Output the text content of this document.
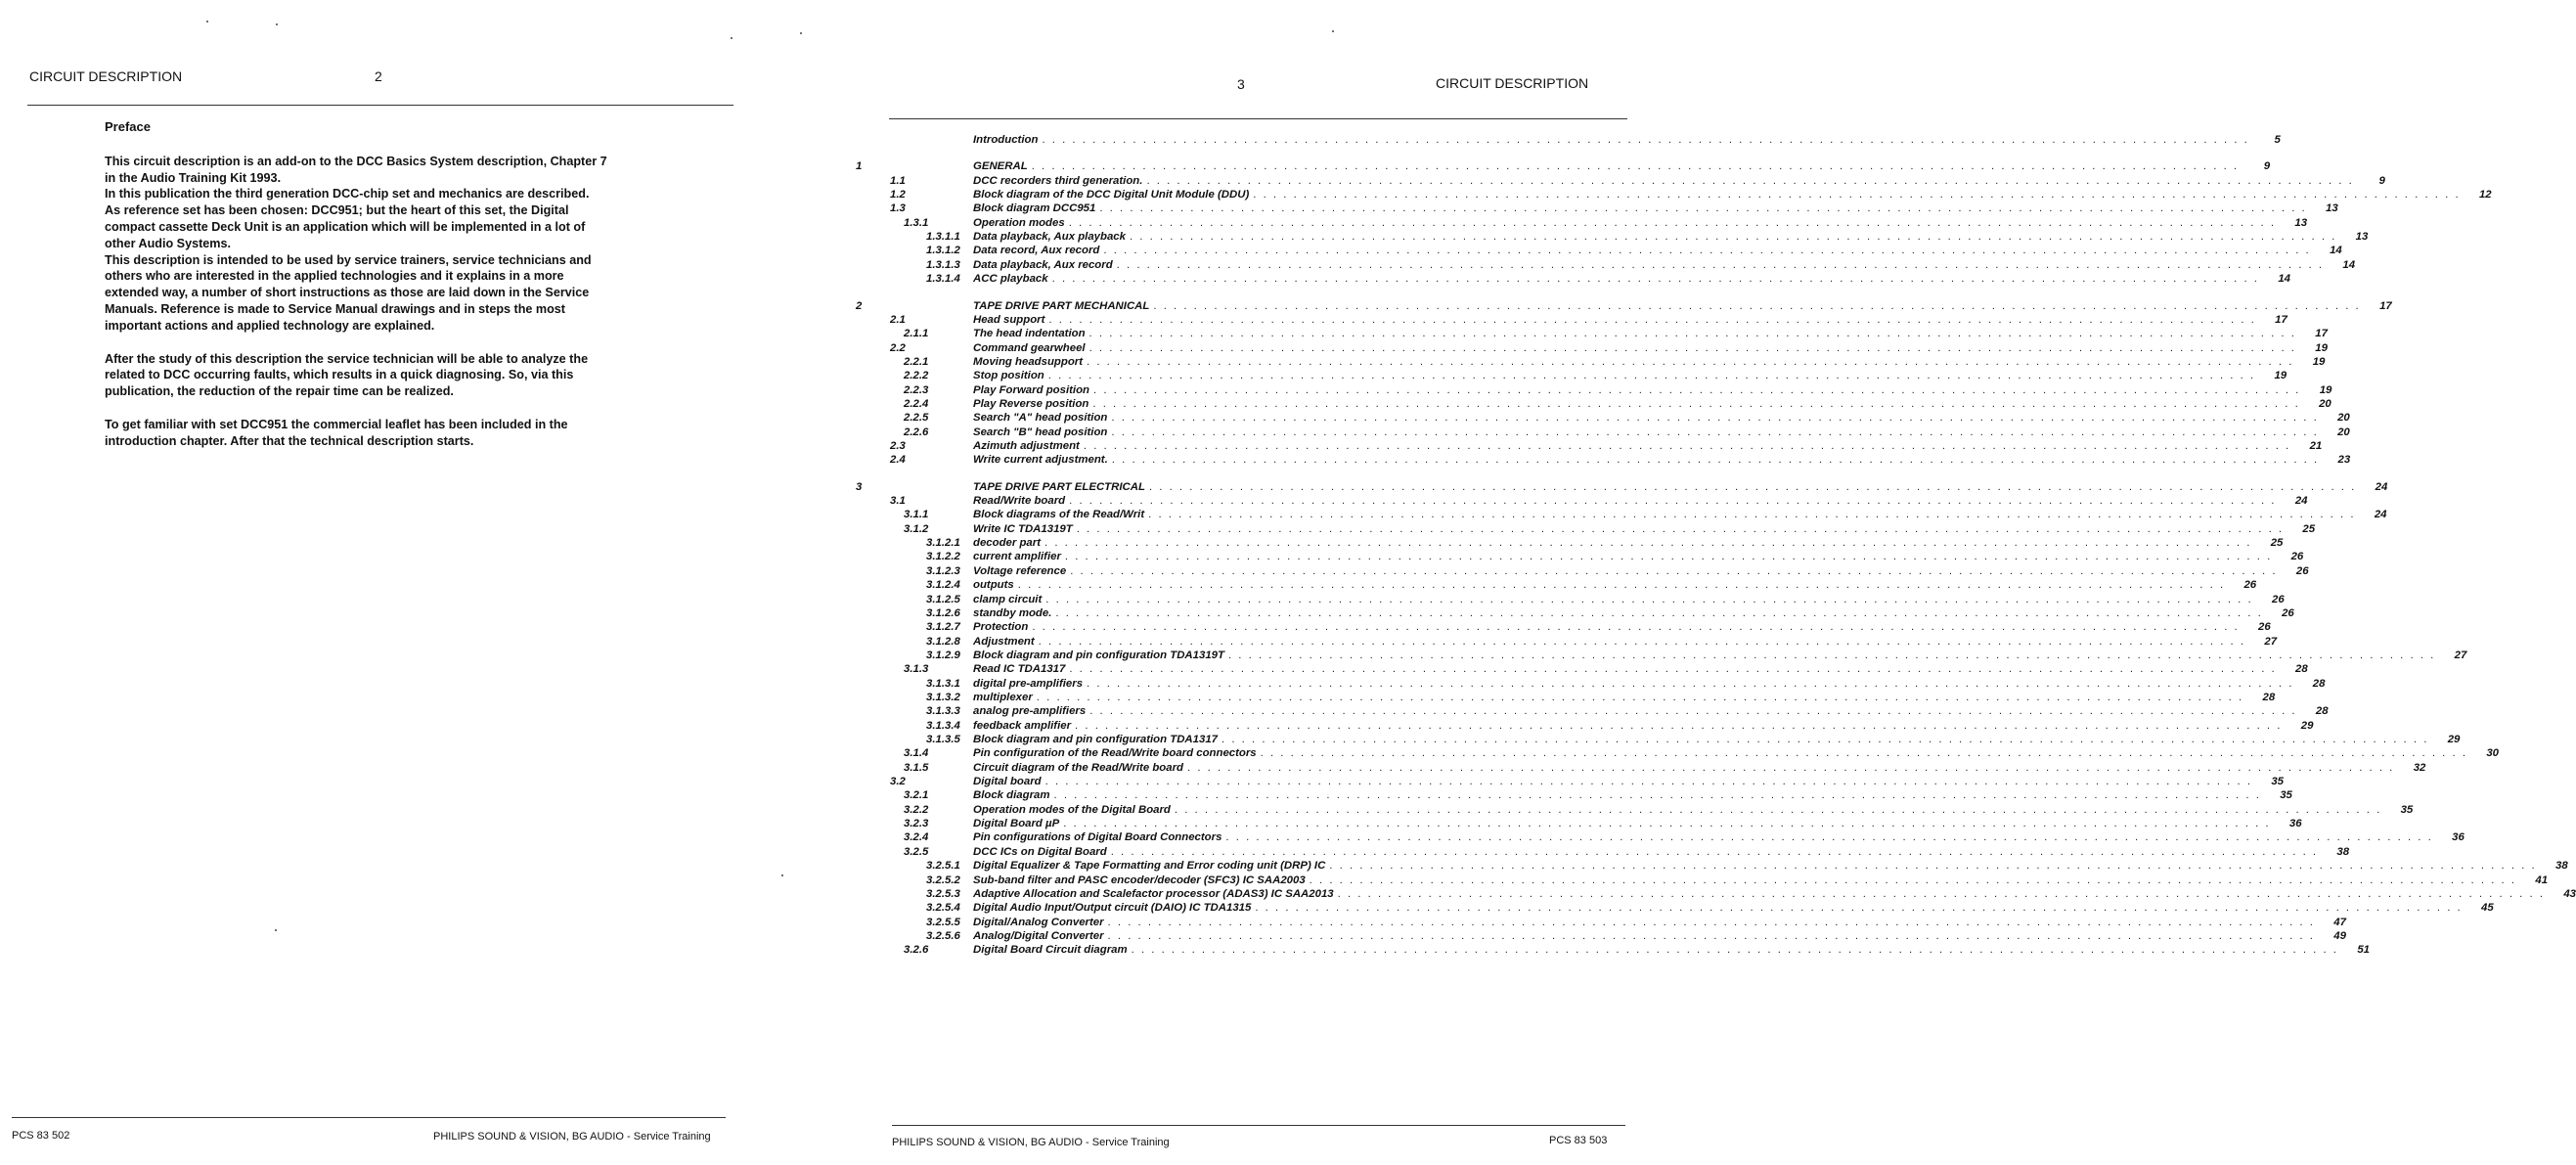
CIRCUIT DESCRIPTION	2
Preface

This circuit description is an add-on to the DCC Basics System description, Chapter 7
in the Audio Training Kit 1993.
In this publication the third generation DCC-chip set and mechanics are described.
As reference set has been chosen: DCC951; but the heart of this set, the Digital
compact cassette Deck Unit is an application which will be implemented in a lot of
other Audio Systems.
This description is intended to be used by service trainers, service technicians and
others who are interested in the applied technologies and it explains in a more
extended way, a number of short instructions as those are laid down in the Service
Manuals. Reference is made to Service Manual drawings and in steps the most
important actions and applied technology are explained.

After the study of this description the service technician will be able to analyze the
related to DCC occurring faults, which results in a quick diagnosing. So, via this
publication, the reduction of the repair time can be realized.

To get familiar with set DCC951 the commercial leaflet has been included in the
introduction chapter. After that the technical description starts.

PCS 83 502	PHILIPS SOUND & VISION, BG AUDIO - Service Training
3	CIRCUIT DESCRIPTION
Introduction . . . . . . . . . . . . . . . . . . . . . . . . . . . . . . . . . . . . . . . . . . . . . . . . . . . . . . . . . . . . . . . . . . . . . . . . . . . . . . . . . . . . . . . . . . . . . . . . . . . . . . . . . . . . . . . . . . . . . . . .	5
1	GENERAL . . . . . . . . . . . . . . . . . . . . . . . . . . . . . . . . . . . . . . . . . . . . . . . . . . . . . . . . . . . . . . . . . . . . . . . . . . . . . . . . . . . . . . . . . . . . . . . . . . . . . . . . . . . . . . . . . . . . . . . .	9
1.1	DCC recorders third generation. . . . . . . . . . . . . . . . . . . . . . . . . . . . . . . . . . . . . . . . . . . . . . . . . . . . . . . . . . . . . . . . . . . . . . . . . . . . . . . . . . . . . . . . . . . . . . . . . . . . . . . . . . . . . . . . . . . . . . . . .	9
1.2	Block diagram of the DCC Digital Unit Module (DDU) . . . . . . . . . . . . . . . . . . . . . . . . . . . . . . . . . . . . . . . . . . . . . . . . . . . . . . . . . . . . . . . . . . . . . . . . . . . . . . . . . . . . . . . . . . . . . . . . . . . . . . . . . . . . . . . . . . . . . . . .	12
1.3	Block diagram DCC951 . . . . . . . . . . . . . . . . . . . . . . . . . . . . . . . . . . . . . . . . . . . . . . . . . . . . . . . . . . . . . . . . . . . . . . . . . . . . . . . . . . . . . . . . . . . . . . . . . . . . . . . . . . . . . . . . . . . . . . . .	13
1.3.1	Operation modes . . . . . . . . . . . . . . . . . . . . . . . . . . . . . . . . . . . . . . . . . . . . . . . . . . . . . . . . . . . . . . . . . . . . . . . . . . . . . . . . . . . . . . . . . . . . . . . . . . . . . . . . . . . . . . . . . . . . . . . .	13
1.3.1.1 Data playback, Aux playback . . . . . . . . . . . . . . . . . . . . . . . . . . . . . . . . . . . . . . . . . . . . . . . . . . . . . . . . . . . . . . . . . . . . . . . . . . . . . . . . . . . . . . . . . . . . . . . . . . . . . . . . . . . . . . . . . . . . . . . .	13
1.3.1.2 Data record, Aux record . . . . . . . . . . . . . . . . . . . . . . . . . . . . . . . . . . . . . . . . . . . . . . . . . . . . . . . . . . . . . . . . . . . . . . . . . . . . . . . . . . . . . . . . . . . . . . . . . . . . . . . . . . . . . . . . . . . . . . . .	14
1.3.1.3 Data playback, Aux record . . . . . . . . . . . . . . . . . . . . . . . . . . . . . . . . . . . . . . . . . . . . . . . . . . . . . . . . . . . . . . . . . . . . . . . . . . . . . . . . . . . . . . . . . . . . . . . . . . . . . . . . . . . . . . . . . . . . . . . .	14
1.3.1.4 ACC playback . . . . . . . . . . . . . . . . . . . . . . . . . . . . . . . . . . . . . . . . . . . . . . . . . . . . . . . . . . . . . . . . . . . . . . . . . . . . . . . . . . . . . . . . . . . . . . . . . . . . . . . . . . . . . . . . . . . . . . . .	14
2	TAPE DRIVE PART MECHANICAL . . . . . . . . . . . . . . . . . . . . . . . . . . . . . . . . . . . . . . . . . . . . . . . . . . . . . . . . . . . . . . . . . . . . . . . . . . . . . . . . . . . . . . . . . . . . . . . . . . . . . . . . . . . . . . . . . . . . . . . .	17
2.1	Head support . . . . . . . . . . . . . . . . . . . . . . . . . . . . . . . . . . . . . . . . . . . . . . . . . . . . . . . . . . . . . . . . . . . . . . . . . . . . . . . . . . . . . . . . . . . . . . . . . . . . . . . . . . . . . . . . . . . . . . . .	17
2.1.1	The head indentation . . . . . . . . . . . . . . . . . . . . . . . . . . . . . . . . . . . . . . . . . . . . . . . . . . . . . . . . . . . . . . . . . . . . . . . . . . . . . . . . . . . . . . . . . . . . . . . . . . . . . . . . . . . . . . . . . . . . . . . .	17
2.2	Command gearwheel . . . . . . . . . . . . . . . . . . . . . . . . . . . . . . . . . . . . . . . . . . . . . . . . . . . . . . . . . . . . . . . . . . . . . . . . . . . . . . . . . . . . . . . . . . . . . . . . . . . . . . . . . . . . . . . . . . . . . . . .	19
2.2.1	Moving headsupport . . . . . . . . . . . . . . . . . . . . . . . . . . . . . . . . . . . . . . . . . . . . . . . . . . . . . . . . . . . . . . . . . . . . . . . . . . . . . . . . . . . . . . . . . . . . . . . . . . . . . . . . . . . . . . . . . . . . . . . .	19
2.2.2	Stop position . . . . . . . . . . . . . . . . . . . . . . . . . . . . . . . . . . . . . . . . . . . . . . . . . . . . . . . . . . . . . . . . . . . . . . . . . . . . . . . . . . . . . . . . . . . . . . . . . . . . . . . . . . . . . . . . . . . . . . . .	19
2.2.3	Play Forward position . . . . . . . . . . . . . . . . . . . . . . . . . . . . . . . . . . . . . . . . . . . . . . . . . . . . . . . . . . . . . . . . . . . . . . . . . . . . . . . . . . . . . . . . . . . . . . . . . . . . . . . . . . . . . . . . . . . . . . . .	19
2.2.4	Play Reverse position . . . . . . . . . . . . . . . . . . . . . . . . . . . . . . . . . . . . . . . . . . . . . . . . . . . . . . . . . . . . . . . . . . . . . . . . . . . . . . . . . . . . . . . . . . . . . . . . . . . . . . . . . . . . . . . . . . . . . . . .	20
2.2.5	Search "A" head position . . . . . . . . . . . . . . . . . . . . . . . . . . . . . . . . . . . . . . . . . . . . . . . . . . . . . . . . . . . . . . . . . . . . . . . . . . . . . . . . . . . . . . . . . . . . . . . . . . . . . . . . . . . . . . . . . . . . . . . .	20
2.2.6	Search "B" head position . . . . . . . . . . . . . . . . . . . . . . . . . . . . . . . . . . . . . . . . . . . . . . . . . . . . . . . . . . . . . . . . . . . . . . . . . . . . . . . . . . . . . . . . . . . . . . . . . . . . . . . . . . . . . . . . . . . . . . . .	20
2.3	Azimuth adjustment . . . . . . . . . . . . . . . . . . . . . . . . . . . . . . . . . . . . . . . . . . . . . . . . . . . . . . . . . . . . . . . . . . . . . . . . . . . . . . . . . . . . . . . . . . . . . . . . . . . . . . . . . . . . . . . . . . . . . . . .	21
2.4	Write current adjustment. . . . . . . . . . . . . . . . . . . . . . . . . . . . . . . . . . . . . . . . . . . . . . . . . . . . . . . . . . . . . . . . . . . . . . . . . . . . . . . . . . . . . . . . . . . . . . . . . . . . . . . . . . . . . . . . . . . . . . . . .	23
3	TAPE DRIVE PART ELECTRICAL . . . . . . . . . . . . . . . . . . . . . . . . . . . . . . . . . . . . . . . . . . . . . . . . . . . . . . . . . . . . . . . . . . . . . . . . . . . . . . . . . . . . . . . . . . . . . . . . . . . . . . . . . . . . . . . . . . . . . . . .	24
3.1	Read/Write board . . . . . . . . . . . . . . . . . . . . . . . . . . . . . . . . . . . . . . . . . . . . . . . . . . . . . . . . . . . . . . . . . . . . . . . . . . . . . . . . . . . . . . . . . . . . . . . . . . . . . . . . . . . . . . . . . . . . . . . .	24
3.1.1	Block diagrams of the Read/Writ . . . . . . . . . . . . . . . . . . . . . . . . . . . . . . . . . . . . . . . . . . . . . . . . . . . . . . . . . . . . . . . . . . . . . . . . . . . . . . . . . . . . . . . . . . . . . . . . . . . . . . . . . . . . . . . . . . . . . . . .	24
3.1.2	Write IC TDA1319T . . . . . . . . . . . . . . . . . . . . . . . . . . . . . . . . . . . . . . . . . . . . . . . . . . . . . . . . . . . . . . . . . . . . . . . . . . . . . . . . . . . . . . . . . . . . . . . . . . . . . . . . . . . . . . . . . . . . . . . .	25
3.1.2.1 decoder part . . . . . . . . . . . . . . . . . . . . . . . . . . . . . . . . . . . . . . . . . . . . . . . . . . . . . . . . . . . . . . . . . . . . . . . . . . . . . . . . . . . . . . . . . . . . . . . . . . . . . . . . . . . . . . . . . . . . . . . .	25
3.1.2.2 current amplifier . . . . . . . . . . . . . . . . . . . . . . . . . . . . . . . . . . . . . . . . . . . . . . . . . . . . . . . . . . . . . . . . . . . . . . . . . . . . . . . . . . . . . . . . . . . . . . . . . . . . . . . . . . . . . . . . . . . . . . . .	26
3.1.2.3 Voltage reference . . . . . . . . . . . . . . . . . . . . . . . . . . . . . . . . . . . . . . . . . . . . . . . . . . . . . . . . . . . . . . . . . . . . . . . . . . . . . . . . . . . . . . . . . . . . . . . . . . . . . . . . . . . . . . . . . . . . . . . .	26
3.1.2.4 outputs . . . . . . . . . . . . . . . . . . . . . . . . . . . . . . . . . . . . . . . . . . . . . . . . . . . . . . . . . . . . . . . . . . . . . . . . . . . . . . . . . . . . . . . . . . . . . . . . . . . . . . . . . . . . . . . . . . . . . . . .	26
3.1.2.5 clamp circuit . . . . . . . . . . . . . . . . . . . . . . . . . . . . . . . . . . . . . . . . . . . . . . . . . . . . . . . . . . . . . . . . . . . . . . . . . . . . . . . . . . . . . . . . . . . . . . . . . . . . . . . . . . . . . . . . . . . . . . . .	26
3.1.2.6 standby mode. . . . . . . . . . . . . . . . . . . . . . . . . . . . . . . . . . . . . . . . . . . . . . . . . . . . . . . . . . . . . . . . . . . . . . . . . . . . . . . . . . . . . . . . . . . . . . . . . . . . . . . . . . . . . . . . . . . . . . . . .	26
3.1.2.7 Protection . . . . . . . . . . . . . . . . . . . . . . . . . . . . . . . . . . . . . . . . . . . . . . . . . . . . . . . . . . . . . . . . . . . . . . . . . . . . . . . . . . . . . . . . . . . . . . . . . . . . . . . . . . . . . . . . . . . . . . . .	26
3.1.2.8 Adjustment . . . . . . . . . . . . . . . . . . . . . . . . . . . . . . . . . . . . . . . . . . . . . . . . . . . . . . . . . . . . . . . . . . . . . . . . . . . . . . . . . . . . . . . . . . . . . . . . . . . . . . . . . . . . . . . . . . . . . . . .	27
3.1.2.9 Block diagram and pin configuration TDA1319T . . . . . . . . . . . . . . . . . . . . . . . . . . . . . . . . . . . . . . . . . . . . . . . . . . . . . . . . . . . . . . . . . . . . . . . . . . . . . . . . . . . . . . . . . . . . . . . . . . . . . . . . . . . . . . . . . . . . . . . .	27
3.1.3	Read IC TDA1317 . . . . . . . . . . . . . . . . . . . . . . . . . . . . . . . . . . . . . . . . . . . . . . . . . . . . . . . . . . . . . . . . . . . . . . . . . . . . . . . . . . . . . . . . . . . . . . . . . . . . . . . . . . . . . . . . . . . . . . . .	28
3.1.3.1 digital pre-amplifiers . . . . . . . . . . . . . . . . . . . . . . . . . . . . . . . . . . . . . . . . . . . . . . . . . . . . . . . . . . . . . . . . . . . . . . . . . . . . . . . . . . . . . . . . . . . . . . . . . . . . . . . . . . . . . . . . . . . . . . . .	28
3.1.3.2 multiplexer . . . . . . . . . . . . . . . . . . . . . . . . . . . . . . . . . . . . . . . . . . . . . . . . . . . . . . . . . . . . . . . . . . . . . . . . . . . . . . . . . . . . . . . . . . . . . . . . . . . . . . . . . . . . . . . . . . . . . . . .	28
3.1.3.3 analog pre-amplifiers . . . . . . . . . . . . . . . . . . . . . . . . . . . . . . . . . . . . . . . . . . . . . . . . . . . . . . . . . . . . . . . . . . . . . . . . . . . . . . . . . . . . . . . . . . . . . . . . . . . . . . . . . . . . . . . . . . . . . . . .	28
3.1.3.4 feedback amplifier . . . . . . . . . . . . . . . . . . . . . . . . . . . . . . . . . . . . . . . . . . . . . . . . . . . . . . . . . . . . . . . . . . . . . . . . . . . . . . . . . . . . . . . . . . . . . . . . . . . . . . . . . . . . . . . . . . . . . . . .	29
3.1.3.5 Block diagram and pin configuration TDA1317 . . . . . . . . . . . . . . . . . . . . . . . . . . . . . . . . . . . . . . . . . . . . . . . . . . . . . . . . . . . . . . . . . . . . . . . . . . . . . . . . . . . . . . . . . . . . . . . . . . . . . . . . . . . . . . . . . . . . . . . .	29
3.1.4	Pin configuration of the Read/Write board connectors . . . . . . . . . . . . . . . . . . . . . . . . . . . . . . . . . . . . . . . . . . . . . . . . . . . . . . . . . . . . . . . . . . . . . . . . . . . . . . . . . . . . . . . . . . . . . . . . . . . . . . . . . . . . . . . . . . . . . . . .	30
3.1.5	Circuit diagram of the Read/Write board . . . . . . . . . . . . . . . . . . . . . . . . . . . . . . . . . . . . . . . . . . . . . . . . . . . . . . . . . . . . . . . . . . . . . . . . . . . . . . . . . . . . . . . . . . . . . . . . . . . . . . . . . . . . . . . . . . . . . . . .	32
3.2	Digital board . . . . . . . . . . . . . . . . . . . . . . . . . . . . . . . . . . . . . . . . . . . . . . . . . . . . . . . . . . . . . . . . . . . . . . . . . . . . . . . . . . . . . . . . . . . . . . . . . . . . . . . . . . . . . . . . . . . . . . . .	35
3.2.1	Block diagram . . . . . . . . . . . . . . . . . . . . . . . . . . . . . . . . . . . . . . . . . . . . . . . . . . . . . . . . . . . . . . . . . . . . . . . . . . . . . . . . . . . . . . . . . . . . . . . . . . . . . . . . . . . . . . . . . . . . . . . .	35
3.2.2	Operation modes of the Digital Board . . . . . . . . . . . . . . . . . . . . . . . . . . . . . . . . . . . . . . . . . . . . . . . . . . . . . . . . . . . . . . . . . . . . . . . . . . . . . . . . . . . . . . . . . . . . . . . . . . . . . . . . . . . . . . . . . . . . . . . .	35
3.2.3	Digital Board µP . . . . . . . . . . . . . . . . . . . . . . . . . . . . . . . . . . . . . . . . . . . . . . . . . . . . . . . . . . . . . . . . . . . . . . . . . . . . . . . . . . . . . . . . . . . . . . . . . . . . . . . . . . . . . . . . . . . . . . . .	36
3.2.4	Pin configurations of Digital Board Connectors . . . . . . . . . . . . . . . . . . . . . . . . . . . . . . . . . . . . . . . . . . . . . . . . . . . . . . . . . . . . . . . . . . . . . . . . . . . . . . . . . . . . . . . . . . . . . . . . . . . . . . . . . . . . . . . . . . . . . . . .	36
3.2.5	DCC ICs on Digital Board . . . . . . . . . . . . . . . . . . . . . . . . . . . . . . . . . . . . . . . . . . . . . . . . . . . . . . . . . . . . . . . . . . . . . . . . . . . . . . . . . . . . . . . . . . . . . . . . . . . . . . . . . . . . . . . . . . . . . . . .	38
3.2.5.1 Digital Equalizer & Tape Formatting and Error coding unit (DRP) IC . . . . . . . . . . . . . . . . . . . . . . . . . . . . . . . . . . . . . . . . . . . . . . . . . . . . . . . . . . . . . . . . . . . . . . . . . . . . . . . . . . . . . . . . . . . . . . . . . . . . . . . . . . . . . . . . . . . . . . . .	38
3.2.5.2 Sub-band filter and PASC encoder/decoder (SFC3) IC SAA2003 . . . . . . . . . . . . . . . . . . . . . . . . . . . . . . . . . . . . . . . . . . . . . . . . . . . . . . . . . . . . . . . . . . . . . . . . . . . . . . . . . . . . . . . . . . . . . . . . . . . . . . . . . . . . . . . . . . . . . . . .	41
3.2.5.3 Adaptive Allocation and Scalefactor processor (ADAS3) IC SAA2013 . . . . . . . . . . . . . . . . . . . . . . . . . . . . . . . . . . . . . . . . . . . . . . . . . . . . . . . . . . . . . . . . . . . . . . . . . . . . . . . . . . . . . . . . . . . . . . . . . . . . . . . . . . . . . . . . . . . . . . . .	43
3.2.5.4 Digital Audio Input/Output circuit (DAIO) IC TDA1315 . . . . . . . . . . . . . . . . . . . . . . . . . . . . . . . . . . . . . . . . . . . . . . . . . . . . . . . . . . . . . . . . . . . . . . . . . . . . . . . . . . . . . . . . . . . . . . . . . . . . . . . . . . . . . . . . . . . . . . . .	45
3.2.5.5 Digital/Analog Converter . . . . . . . . . . . . . . . . . . . . . . . . . . . . . . . . . . . . . . . . . . . . . . . . . . . . . . . . . . . . . . . . . . . . . . . . . . . . . . . . . . . . . . . . . . . . . . . . . . . . . . . . . . . . . . . . . . . . . . . .	47
3.2.5.6 Analog/Digital Converter . . . . . . . . . . . . . . . . . . . . . . . . . . . . . . . . . . . . . . . . . . . . . . . . . . . . . . . . . . . . . . . . . . . . . . . . . . . . . . . . . . . . . . . . . . . . . . . . . . . . . . . . . . . . . . . . . . . . . . . .	49
3.2.6	Digital Board Circuit diagram . . . . . . . . . . . . . . . . . . . . . . . . . . . . . . . . . . . . . . . . . . . . . . . . . . . . . . . . . . . . . . . . . . . . . . . . . . . . . . . . . . . . . . . . . . . . . . . . . . . . . . . . . . . . . . . . . . . . . . . .	51
PHILIPS SOUND & VISION, BG AUDIO - Service Training	PCS 83 503
